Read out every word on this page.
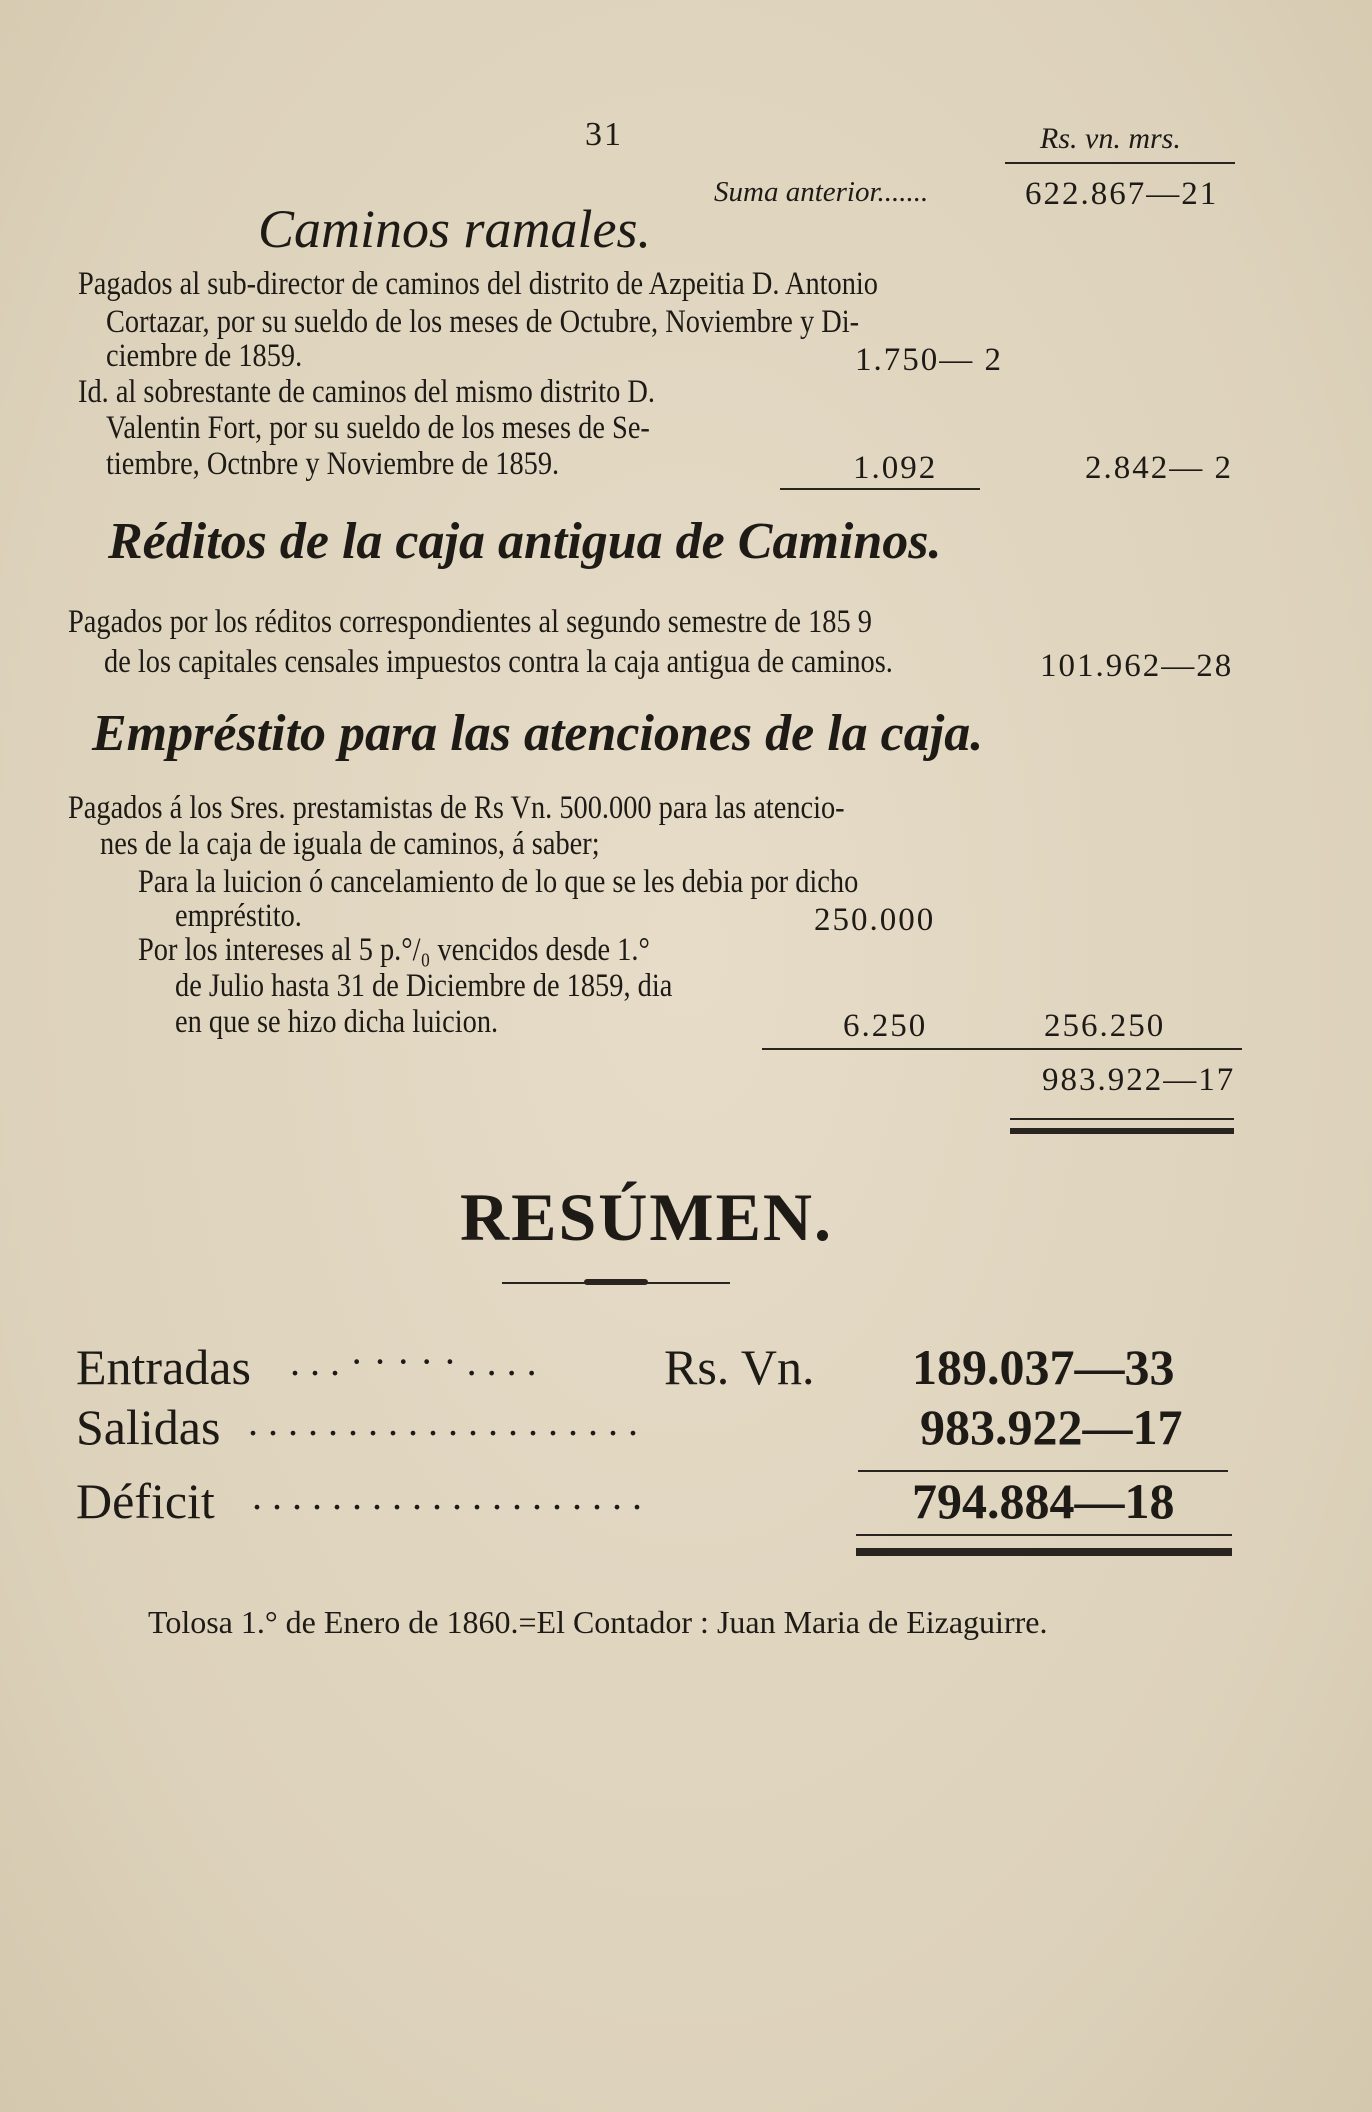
31	Rs. vn. mrs.
Suma anterior.......	622.867—21
Caminos ramales.
Pagados al sub-director de caminos del distrito de Azpeitia D. Antonio
Cortazar, por su sueldo de los meses de Octubre, Noviembre y Di-
ciembre de 1859.	1.750— 2
Id. al sobrestante de caminos del mismo distrito D.
Valentin Fort, por su sueldo de los meses de Se-
tiembre, Octnbre y Noviembre de 1859.	1.092	2.842— 2
Réditos de la caja antigua de Caminos.
Pagados por los réditos correspondientes al segundo semestre de 185 9
de los capitales censales impuestos contra la caja antigua de caminos.	101.962—28
Empréstito para las atenciones de la caja.
Pagados á los Sres. prestamistas de Rs Vn. 500.000 para las atencio-
nes de la caja de iguala de caminos, á saber;
Para la luicion ó cancelamiento de lo que se les debia por dicho
empréstito.	250.000
Por los intereses al 5 p.°/₀ vencidos desde 1.°
de Julio hasta 31 de Diciembre de 1859, dia
en que se hizo dicha luicion.	6.250	256.250
983.922—17
RESÚMEN.
Entradas . . . · · · · · . . . .	Rs. Vn. 189.037—33
Salidas . . . . . . . . . . . . . . . . . . . .	983.922—17
Déficit . . . . . . . . . . . . . . . . . . . .	794.884—18
Tolosa 1.° de Enero de 1860.=El Contador : Juan Maria de Eizaguirre.
